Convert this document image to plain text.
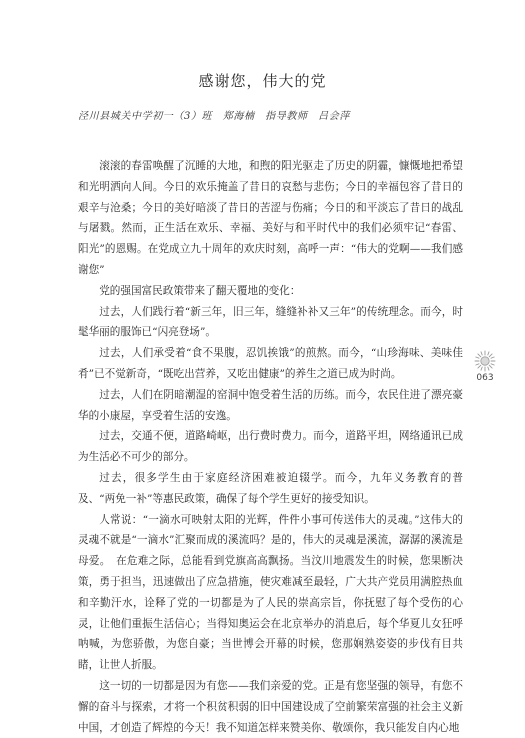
感谢您，伟大的党
泾川县城关中学初一（3）班　郑海楠　指导教师　吕会萍

滚滚的春雷唤醒了沉睡的大地，和煦的阳光驱走了历史的阴霾，慷慨地把希望和光明洒向人间。今日的欢乐掩盖了昔日的哀愁与悲伤；今日的幸福包容了昔日的艰辛与沧桑；今日的美好暗淡了昔日的苦涩与伤痛；今日的和平淡忘了昔日的战乱与屠戮。然而，正生活在欢乐、幸福、美好与和平时代中的我们必须牢记“春雷、阳光”的恩赐。在党成立九十周年的欢庆时刻，高呼一声：“伟大的党啊——我们感谢您”

党的强国富民政策带来了翻天覆地的变化：

过去，人们践行着“新三年，旧三年，缝缝补补又三年”的传统理念。而今，时髦华丽的服饰已“闪亮登场”。

过去，人们承受着“食不果腹，忍饥挨饿”的煎熬。而今，“山珍海味、美味佳肴”已不觉新奇，“既吃出营养，又吃出健康”的养生之道已成为时尚。

过去，人们在阴暗潮湿的窑洞中饱受着生活的历练。而今，农民住进了漂亮豪华的小康屋，享受着生活的安逸。

过去，交通不便，道路崎岖，出行费时费力。而今，道路平坦，网络通讯已成为生活必不可少的部分。

过去，很多学生由于家庭经济困难被迫辍学。而今，九年义务教育的普及、“两免一补”等惠民政策，确保了每个学生更好的接受知识。

人常说：“一滴水可映射太阳的光辉，件件小事可传送伟大的灵魂。”这伟大的灵魂不就是“一滴水”汇聚而成的溪流吗？是的，伟大的灵魂是溪流，潺潺的溪流是母爱。　在危难之际，总能看到党旗高高飘扬。当汶川地震发生的时候，您果断决策，勇于担当，迅速做出了应急措施，使灾难减至最轻，广大共产党员用满腔热血和辛勤汗水，诠释了党的一切都是为了人民的崇高宗旨，你抚慰了每个受伤的心灵，让他们重振生活信心；当得知奥运会在北京举办的消息后，每个华夏儿女狂呼呐喊，为您骄傲，为您自豪；当世博会开幕的时候，您那娴熟姿姿的步伐有目共睹，让世人折服。

这一切的一切都是因为有您——我们亲爱的党。正是有您坚强的领导，有您不懈的奋斗与探索，才将一个积贫积弱的旧中国建设成了空前繁荣富强的社会主义新中国，才创造了辉煌的今天！我不知道怎样来赞美你、敬颂你，我只能发自内心地

063
